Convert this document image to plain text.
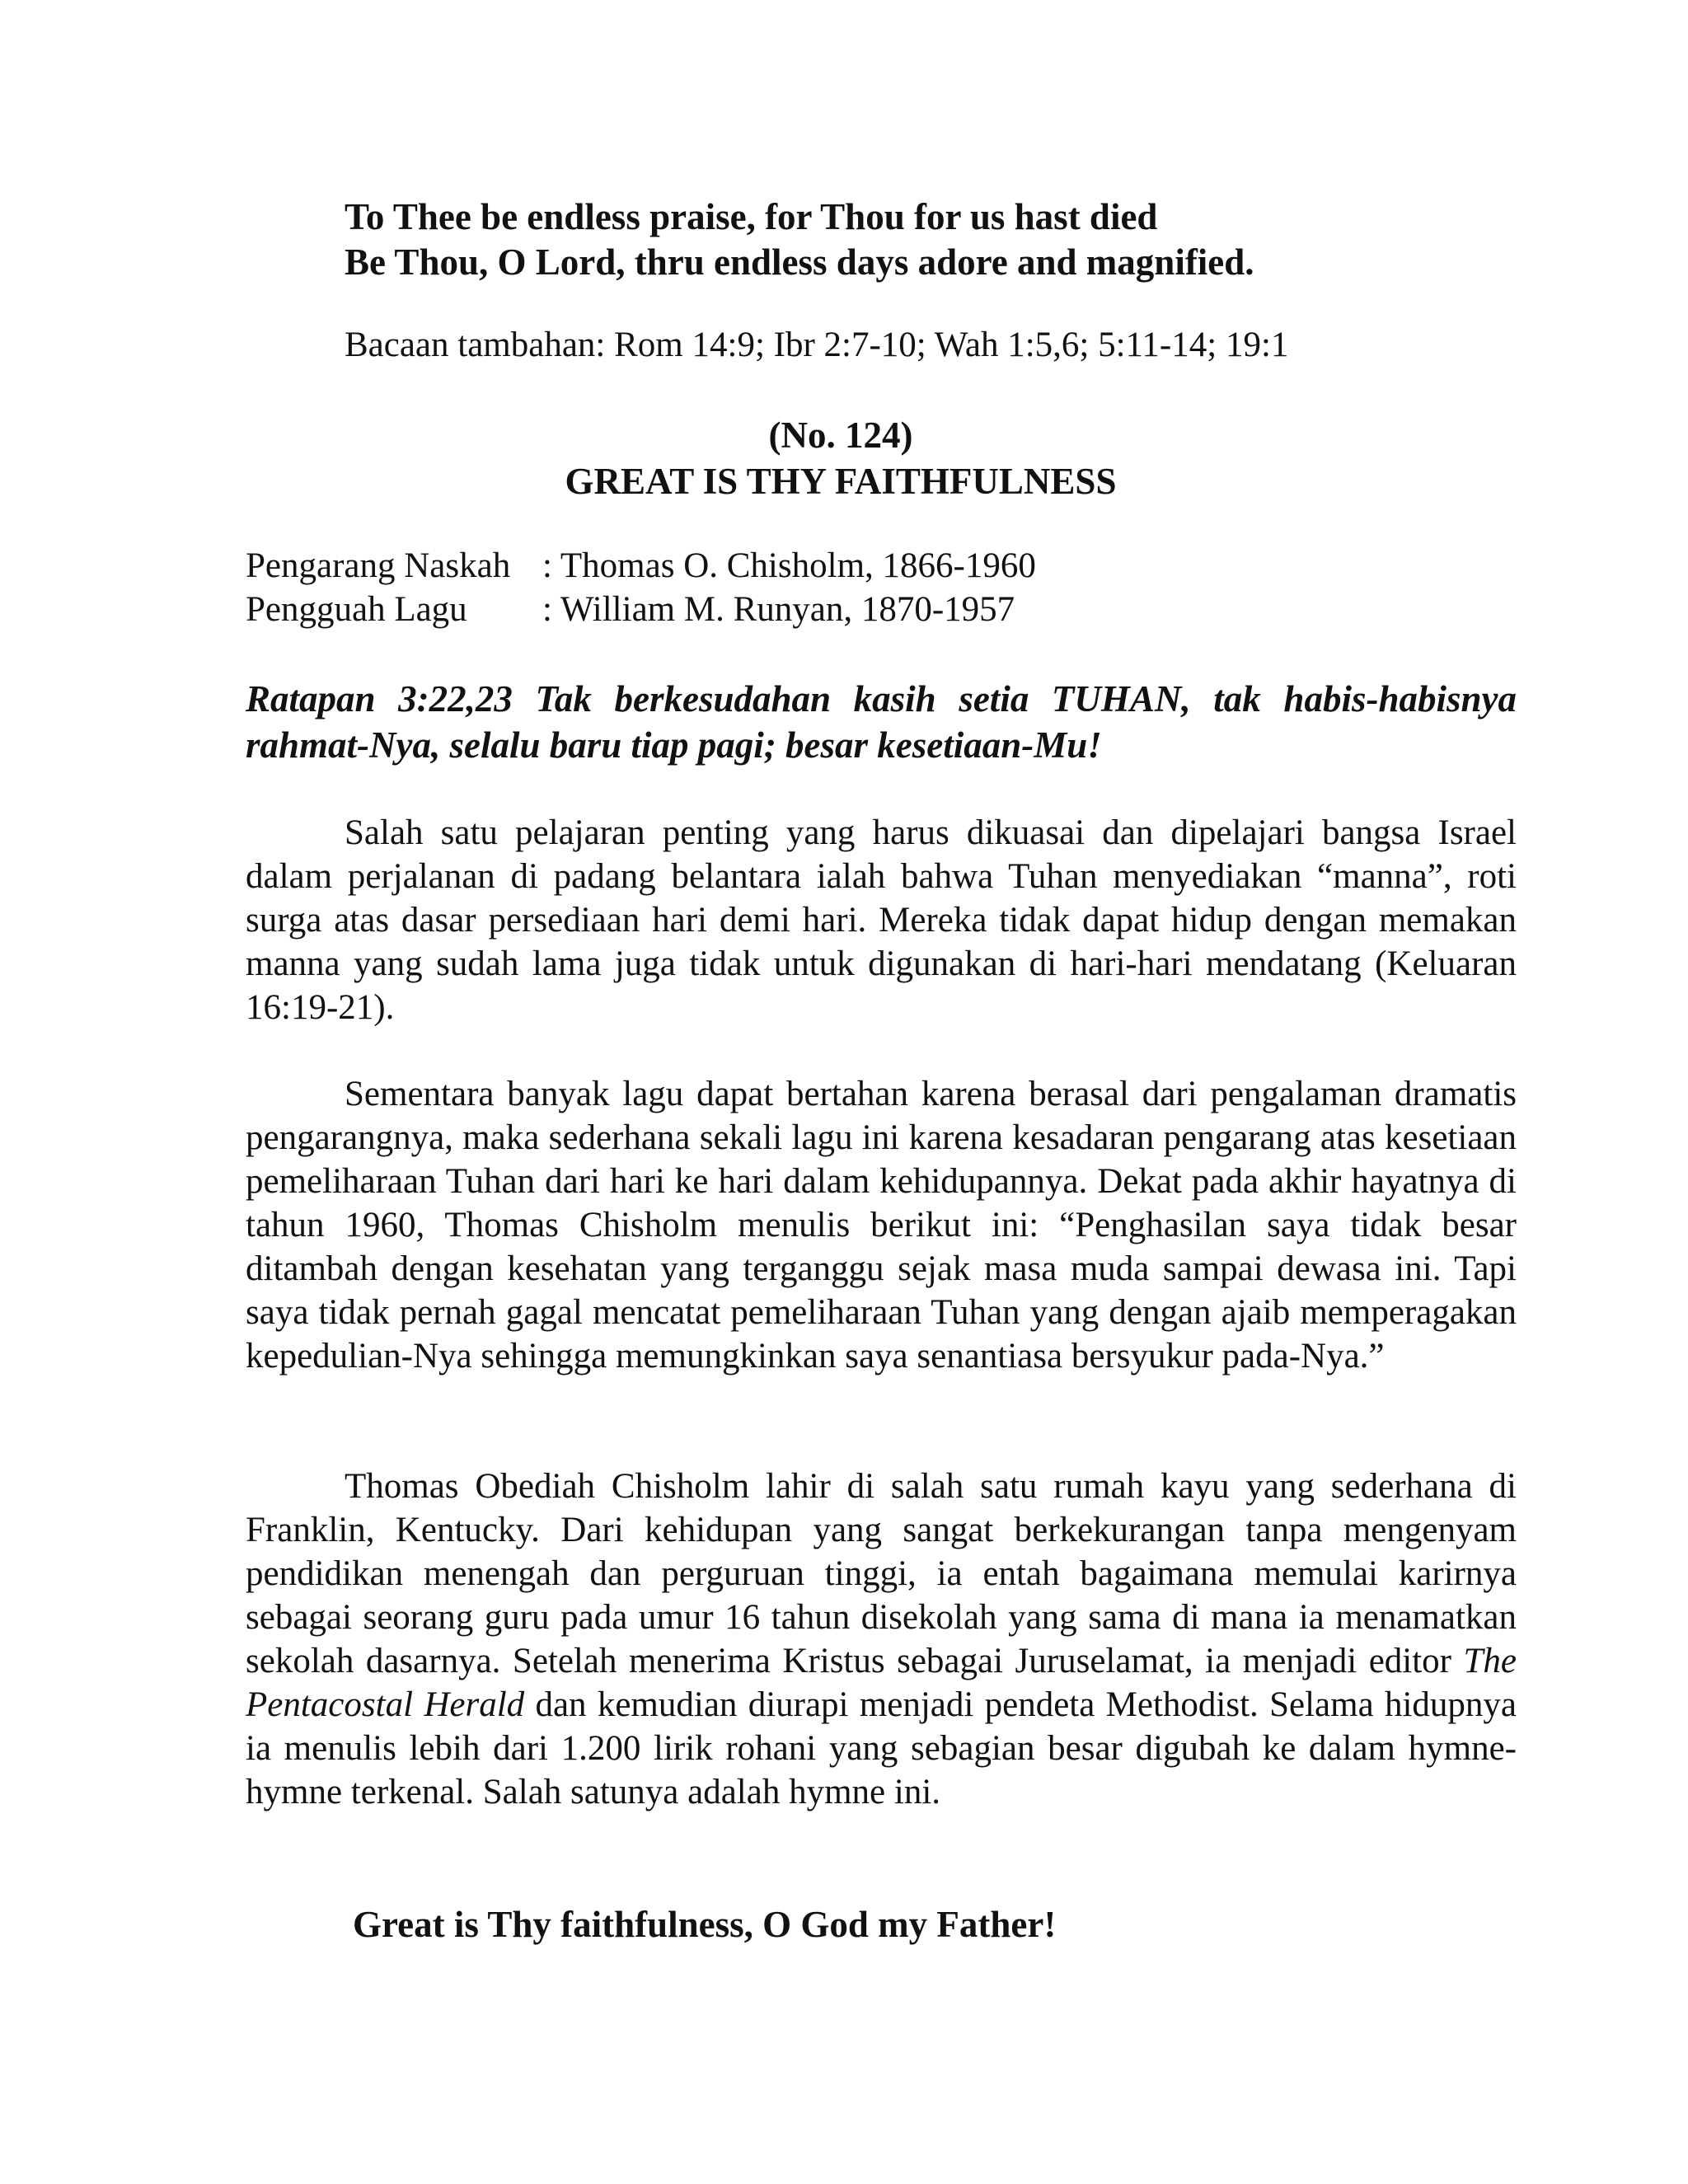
To Thee be endless praise, for Thou for us hast died
Be Thou, O Lord, thru endless days adore and magnified.
Bacaan tambahan: Rom 14:9; Ibr 2:7-10; Wah 1:5,6; 5:11-14; 19:1
(No. 124)
GREAT IS THY FAITHFULNESS
Pengarang Naskah : Thomas O. Chisholm, 1866-1960
Pengguah Lagu	: William M. Runyan, 1870-1957
Ratapan 3:22,23 Tak berkesudahan kasih setia TUHAN, tak habis-habisnya rahmat-Nya, selalu baru tiap pagi; besar kesetiaan-Mu!

Salah satu pelajaran penting yang harus dikuasai dan dipelajari bangsa Israel dalam perjalanan di padang belantara ialah bahwa Tuhan menyediakan “manna”, roti surga atas dasar persediaan hari demi hari. Mereka tidak dapat hidup dengan memakan manna yang sudah lama juga tidak untuk digunakan di hari-hari mendatang (Keluaran 16:19-21).

Sementara banyak lagu dapat bertahan karena berasal dari pengalaman dramatis pengarangnya, maka sederhana sekali lagu ini karena kesadaran pengarang atas kesetiaan pemeliharaan Tuhan dari hari ke hari dalam kehidupannya. Dekat pada akhir hayatnya di tahun 1960, Thomas Chisholm menulis berikut ini: “Penghasilan saya tidak besar ditambah dengan kesehatan yang terganggu sejak masa muda sampai dewasa ini. Tapi saya tidak pernah gagal mencatat pemeliharaan Tuhan yang dengan ajaib memperagakan kepedulian-Nya sehingga memungkinkan saya senantiasa bersyukur pada-Nya.”

Thomas Obediah Chisholm lahir di salah satu rumah kayu yang sederhana di Franklin, Kentucky. Dari kehidupan yang sangat berkekurangan tanpa mengenyam pendidikan menengah dan perguruan tinggi, ia entah bagaimana memulai karirnya sebagai seorang guru pada umur 16 tahun disekolah yang sama di mana ia menamatkan sekolah dasarnya. Setelah menerima Kristus sebagai Juruselamat, ia menjadi editor The Pentacostal Herald dan kemudian diurapi menjadi pendeta Methodist. Selama hidupnya ia menulis lebih dari 1.200 lirik rohani yang sebagian besar digubah ke dalam hymne-hymne terkenal. Salah satunya adalah hymne ini.

Great is Thy faithfulness, O God my Father!
